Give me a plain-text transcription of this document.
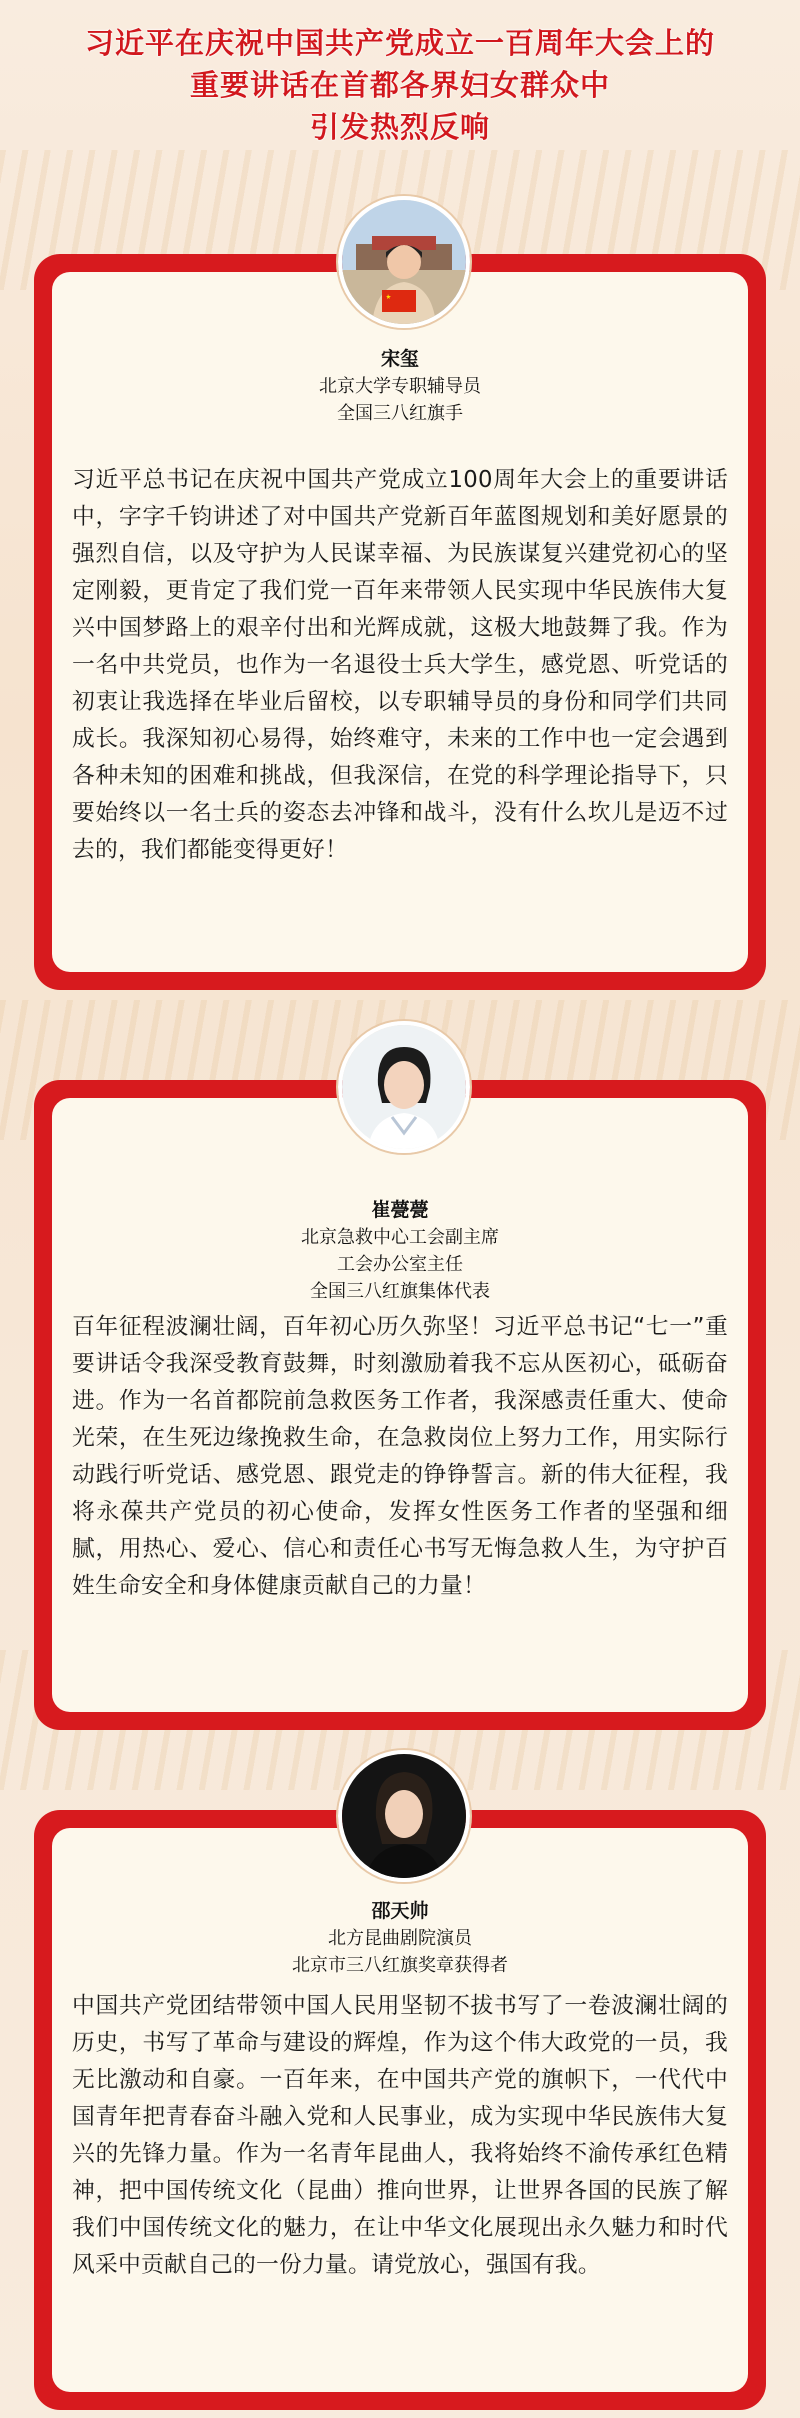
习近平在庆祝中国共产党成立一百周年大会上的
重要讲话在首都各界妇女群众中
引发热烈反响
宋玺
北京大学专职辅导员
全国三八红旗手

习近平总书记在庆祝中国共产党成立100周年大会上的重要讲话中，字字千钧讲述了对中国共产党新百年蓝图规划和美好愿景的强烈自信，以及守护为人民谋幸福、为民族谋复兴建党初心的坚定刚毅，更肯定了我们党一百年来带领人民实现中华民族伟大复兴中国梦路上的艰辛付出和光辉成就，这极大地鼓舞了我。作为一名中共党员，也作为一名退役士兵大学生，感党恩、听党话的初衷让我选择在毕业后留校，以专职辅导员的身份和同学们共同成长。我深知初心易得，始终难守，未来的工作中也一定会遇到各种未知的困难和挑战，但我深信，在党的科学理论指导下，只要始终以一名士兵的姿态去冲锋和战斗，没有什么坎儿是迈不过去的，我们都能变得更好！

崔甍甍
北京急救中心工会副主席
工会办公室主任
全国三八红旗集体代表

百年征程波澜壮阔，百年初心历久弥坚！习近平总书记“七一”重要讲话令我深受教育鼓舞，时刻激励着我不忘从医初心，砥砺奋进。作为一名首都院前急救医务工作者，我深感责任重大、使命光荣，在生死边缘挽救生命，在急救岗位上努力工作，用实际行动践行听党话、感党恩、跟党走的铮铮誓言。新的伟大征程，我将永葆共产党员的初心使命，发挥女性医务工作者的坚强和细腻，用热心、爱心、信心和责任心书写无悔急救人生，为守护百姓生命安全和身体健康贡献自己的力量！

邵天帅
北方昆曲剧院演员
北京市三八红旗奖章获得者

中国共产党团结带领中国人民用坚韧不拔书写了一卷波澜壮阔的历史，书写了革命与建设的辉煌，作为这个伟大政党的一员，我无比激动和自豪。一百年来，在中国共产党的旗帜下，一代代中国青年把青春奋斗融入党和人民事业，成为实现中华民族伟大复兴的先锋力量。作为一名青年昆曲人，我将始终不渝传承红色精神，把中国传统文化（昆曲）推向世界，让世界各国的民族了解我们中国传统文化的魅力，在让中华文化展现出永久魅力和时代风采中贡献自己的一份力量。请党放心，强国有我。
